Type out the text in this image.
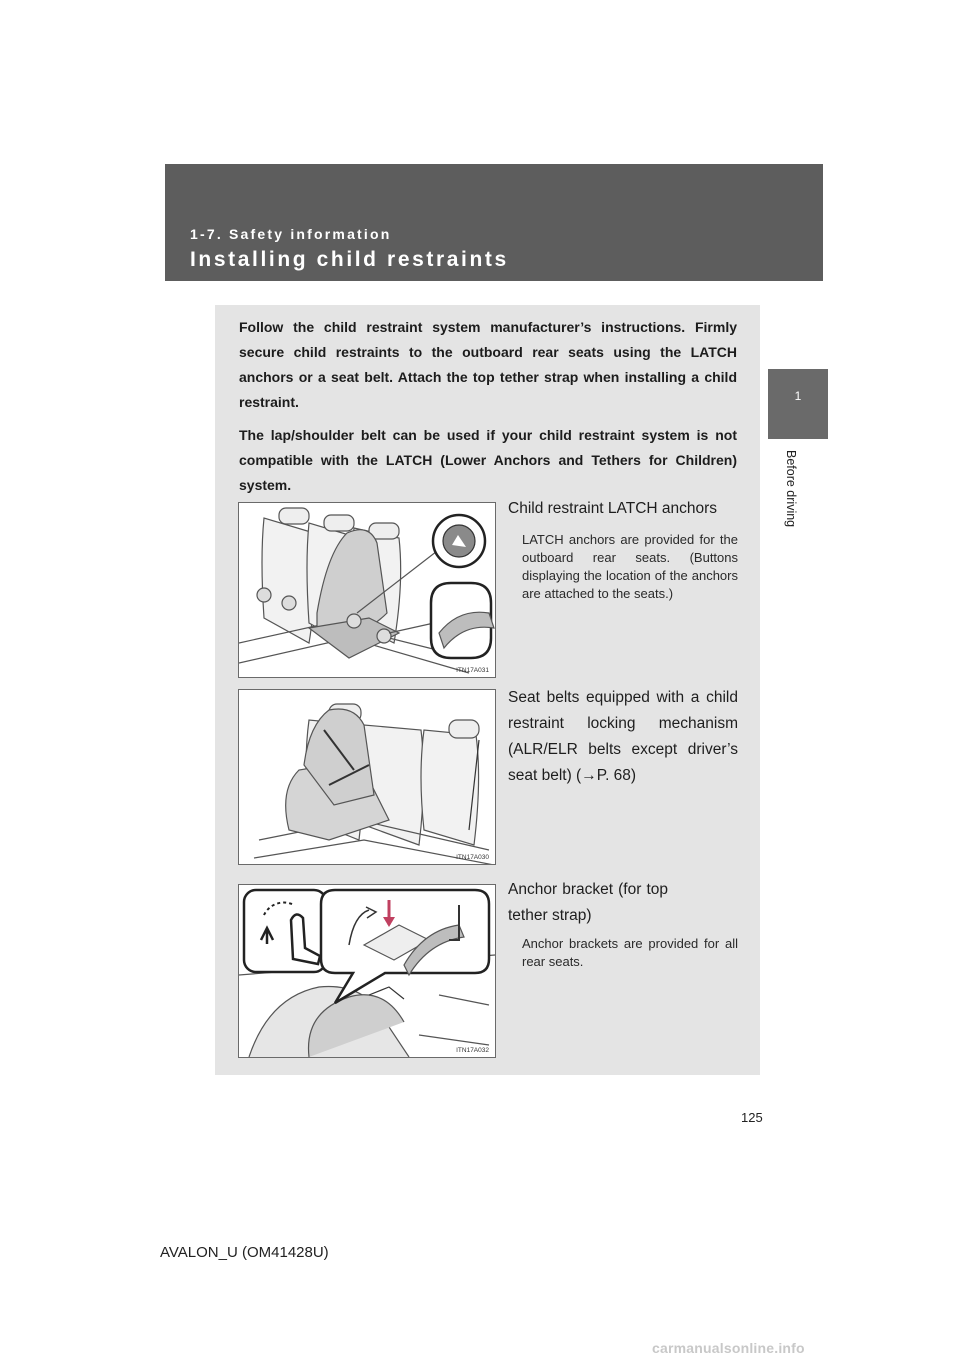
1-7. Safety information
Installing child restraints
1
Before driving

Follow the child restraint system manufacturer’s instructions. Firmly secure child restraints to the outboard rear seats using the LATCH anchors or a seat belt. Attach the top tether strap when installing a child restraint.

The lap/shoulder belt can be used if your child restraint system is not compatible with the LATCH (Lower Anchors and Tethers for Children) system.

ITN17A031
Child restraint LATCH anchors
LATCH anchors are provided for the outboard rear seats. (Buttons displaying the location of the anchors are attached to the seats.)
ITN17A030
Seat belts equipped with a child restraint locking mechanism (ALR/ELR belts except driver’s seat belt) (→P. 68)
ITN17A032
Anchor bracket (for top tether strap)
Anchor brackets are provided for all rear seats.
125
AVALON_U (OM41428U)
carmanualsonline.info
